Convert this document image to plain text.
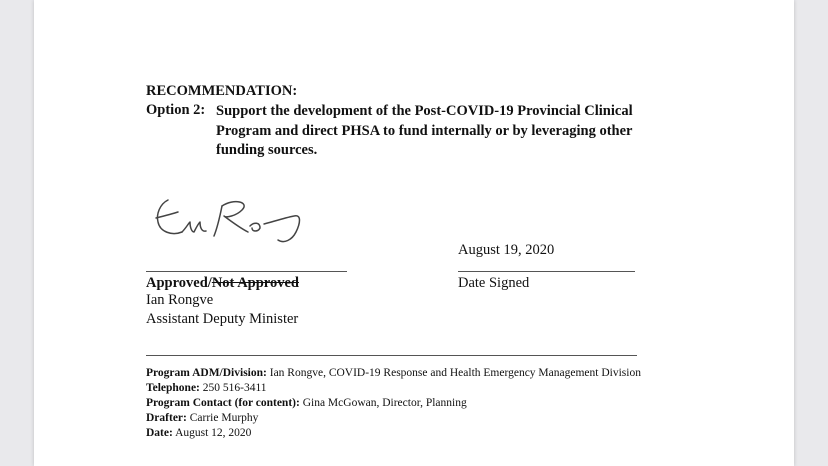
RECOMMENDATION:
Option 2: Support the development of the Post-COVID-19 Provincial Clinical Program and direct PHSA to fund internally or by leveraging other funding sources.
August 19, 2020
Approved/Not Approved
Ian Rongve
Assistant Deputy Minister
Date Signed
Program ADM/Division: Ian Rongve, COVID-19 Response and Health Emergency Management Division
Telephone: 250 516-3411
Program Contact (for content): Gina McGowan, Director, Planning
Drafter: Carrie Murphy
Date: August 12, 2020
